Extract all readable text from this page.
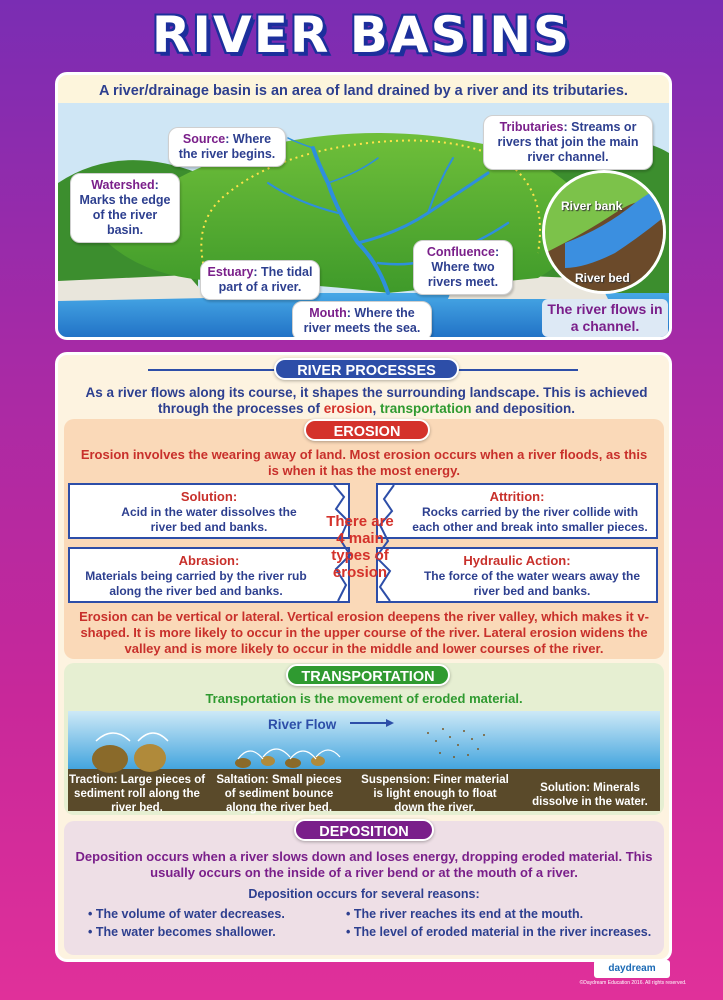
RIVER BASINS
A river/drainage basin is an area of land drained by a river and its tributaries.
Source: Where the river begins.
Watershed: Marks the edge of the river basin.
Estuary: The tidal part of a river.
Mouth: Where the river meets the sea.
Confluence: Where two rivers meet.
Tributaries: Streams or rivers that join the main river channel.
River bank
River bed
The river flows in a channel.
RIVER PROCESSES
As a river flows along its course, it shapes the surrounding landscape. This is achieved through the processes of erosion, transportation and deposition.
EROSION
Erosion involves the wearing away of land. Most erosion occurs when a river floods, as this is when it has the most energy.
Solution:
Acid in the water dissolves the river bed and banks.
Attrition:
Rocks carried by the river collide with each other and break into smaller pieces.
Abrasion:
Materials being carried by the river rub along the river bed and banks.
Hydraulic Action:
The force of the water wears away the river bed and banks.
There are 4 main types of erosion
Erosion can be vertical or lateral. Vertical erosion deepens the river valley, which makes it v-shaped. It is more likely to occur in the upper course of the river. Lateral erosion widens the valley and is more likely to occur in the middle and lower courses of the river.
TRANSPORTATION
Transportation is the movement of eroded material.
River Flow
Traction: Large pieces of sediment roll along the river bed.
Saltation: Small pieces of sediment bounce along the river bed.
Suspension: Finer material is light enough to float down the river.
Solution: Minerals dissolve in the water.
DEPOSITION
Deposition occurs when a river slows down and loses energy, dropping eroded material. This usually occurs on the inside of a river bend or at the mouth of a river.
Deposition occurs for several reasons:
• The volume of water decreases.
• The water becomes shallower.
• The river reaches its end at the mouth.
• The level of eroded material in the river increases.
daydream
©Daydream Education 2016. All rights reserved.
